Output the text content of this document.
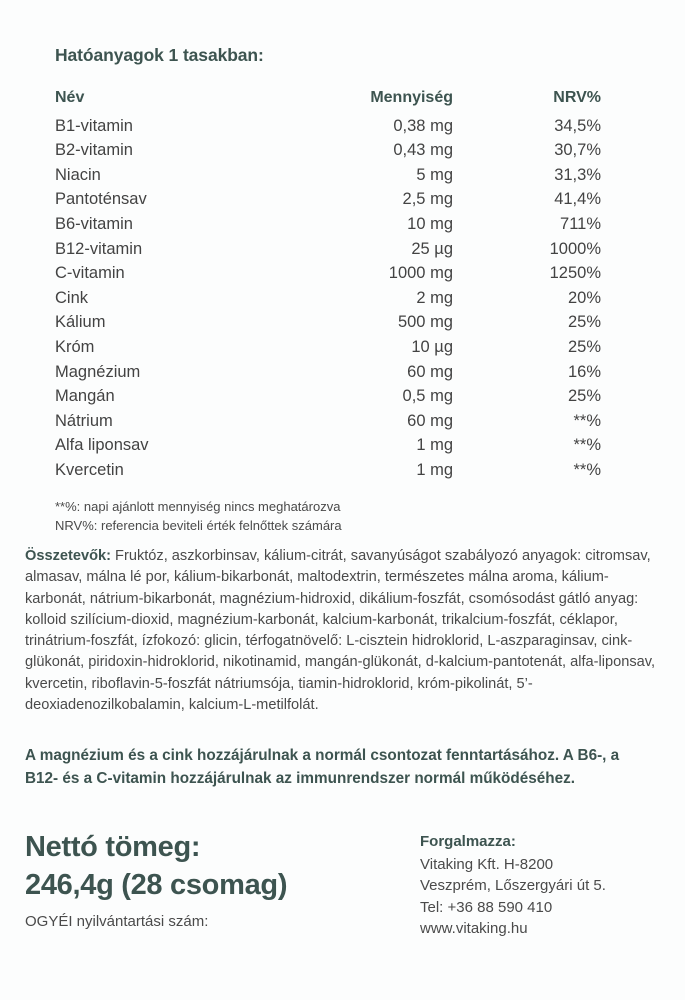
Hatóanyagok 1 tasakban:
Név	Mennyiség	NRV%
B1-vitamin	0,38 mg	34,5%
B2-vitamin	0,43 mg	30,7%
Niacin	5 mg	31,3%
Pantoténsav	2,5 mg	41,4%
B6-vitamin	10 mg	711%
B12-vitamin	25 µg	1000%
C-vitamin	1000 mg	1250%
Cink	2 mg	20%
Kálium	500 mg	25%
Króm	10 µg	25%
Magnézium	60 mg	16%
Mangán	0,5 mg	25%
Nátrium	60 mg	**%
Alfa liponsav	1 mg	**%
Kvercetin	1 mg	**%
**%: napi ajánlott mennyiség nincs meghatározva
NRV%: referencia beviteli érték felnőttek számára
Összetevők: Fruktóz, aszkorbinsav, kálium-citrát, savanyúságot szabályozó anyagok: citromsav, almasav, málna lé por, kálium-bikarbonát, maltodextrin, természetes málna aroma, kálium-karbonát, nátrium-bikarbonát, magnézium-hidroxid, dikálium-foszfát, csomósodást gátló anyag: kolloid szilícium-dioxid, magnézium-karbonát, kalcium-karbonát, trikalcium-foszfát, céklapor, trinátrium-foszfát, ízfokozó: glicin, térfogatnövelő: L-cisztein hidroklorid, L-aszparaginsav, cink-glükonát, piridoxin-hidroklorid, nikotinamid, mangán-glükonát, d-kalcium-pantotenát, alfa-liponsav, kvercetin, riboflavin-5-foszfát nátriumsója, tiamin-hidroklorid, króm-pikolinát, 5’-deoxiadenozilkobalamin, kalcium-L-metilfolát.
A magnézium és a cink hozzájárulnak a normál csontozat fenntartásához. A B6-, a B12- és a C-vitamin hozzájárulnak az immunrendszer normál működéséhez.
Nettó tömeg:
246,4g (28 csomag)
OGYÉI nyilvántartási szám:
Forgalmazza:
Vitaking Kft. H-8200
Veszprém, Lőszergyári út 5.
Tel: +36 88 590 410
www.vitaking.hu
